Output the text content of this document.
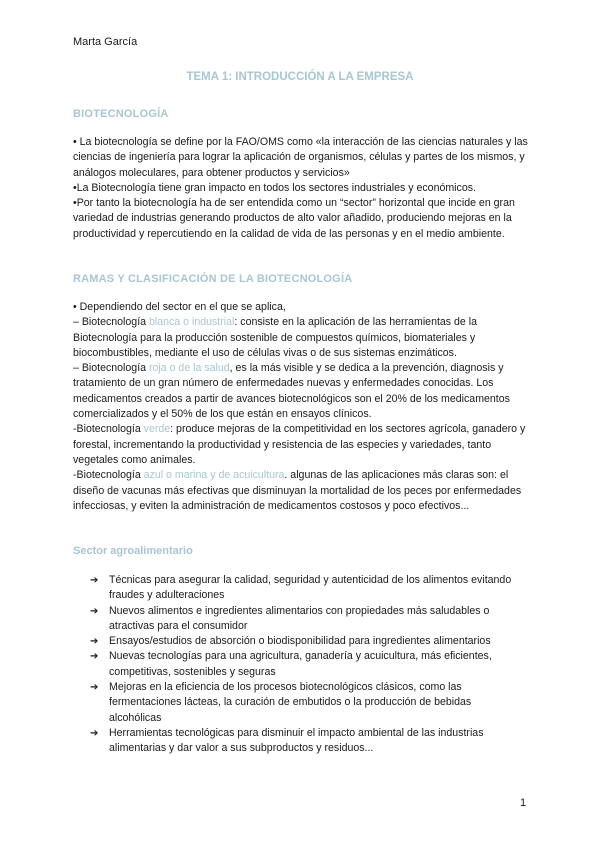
Marta García
TEMA 1: INTRODUCCIÓN A LA EMPRESA
BIOTECNOLOGÍA

• La biotecnología se define por la FAO/OMS como «la interacción de las ciencias naturales y las ciencias de ingeniería para lograr la aplicación de organismos, células y partes de los mismos, y análogos moleculares, para obtener productos y servicios»

•La Biotecnología tiene gran impacto en todos los sectores industriales y económicos.

•Por tanto la biotecnología ha de ser entendida como un “sector” horizontal que incide en gran variedad de industrias generando productos de alto valor añadido, produciendo mejoras en la productividad y repercutiendo en la calidad de vida de las personas y en el medio ambiente.

RAMAS Y CLASIFICACIÓN DE LA BIOTECNOLOGÍA

• Dependiendo del sector en el que se aplica,

– Biotecnología blanca o industrial: consiste en la aplicación de las herramientas de la Biotecnología para la producción sostenible de compuestos químicos, biomateriales y biocombustibles, mediante el uso de células vivas o de sus sistemas enzimáticos.

– Biotecnología roja o de la salud, es la más visible y se dedica a la prevención, diagnosis y tratamiento de un gran número de enfermedades nuevas y enfermedades conocidas. Los medicamentos creados a partir de avances biotecnológicos son el 20% de los medicamentos comercializados y el 50% de los que están en ensayos clínicos.

-Biotecnología verde: produce mejoras de la competitividad en los sectores agrícola, ganadero y forestal, incrementando la productividad y resistencia de las especies y variedades, tanto vegetales como animales.

-Biotecnología azul o marina y de acuicultura. algunas de las aplicaciones más claras son: el diseño de vacunas más efectivas que disminuyan la mortalidad de los peces por enfermedades infecciosas, y eviten la administración de medicamentos costosos y poco efectivos...

Sector agroalimentario
➔ Técnicas para asegurar la calidad, seguridad y autenticidad de los alimentos evitando fraudes y adulteraciones
➔ Nuevos alimentos e ingredientes alimentarios con propiedades más saludables o atractivas para el consumidor
➔ Ensayos/estudios de absorción o biodisponibilidad para ingredientes alimentarios
➔ Nuevas tecnologías para una agricultura, ganadería y acuicultura, más eficientes, competitivas, sostenibles y seguras
➔ Mejoras en la eficiencia de los procesos biotecnológicos clásicos, como las fermentaciones lácteas, la curación de embutidos o la producción de bebidas alcohólicas
➔ Herramientas tecnológicas para disminuir el impacto ambiental de las industrias alimentarias y dar valor a sus subproductos y residuos...
1
